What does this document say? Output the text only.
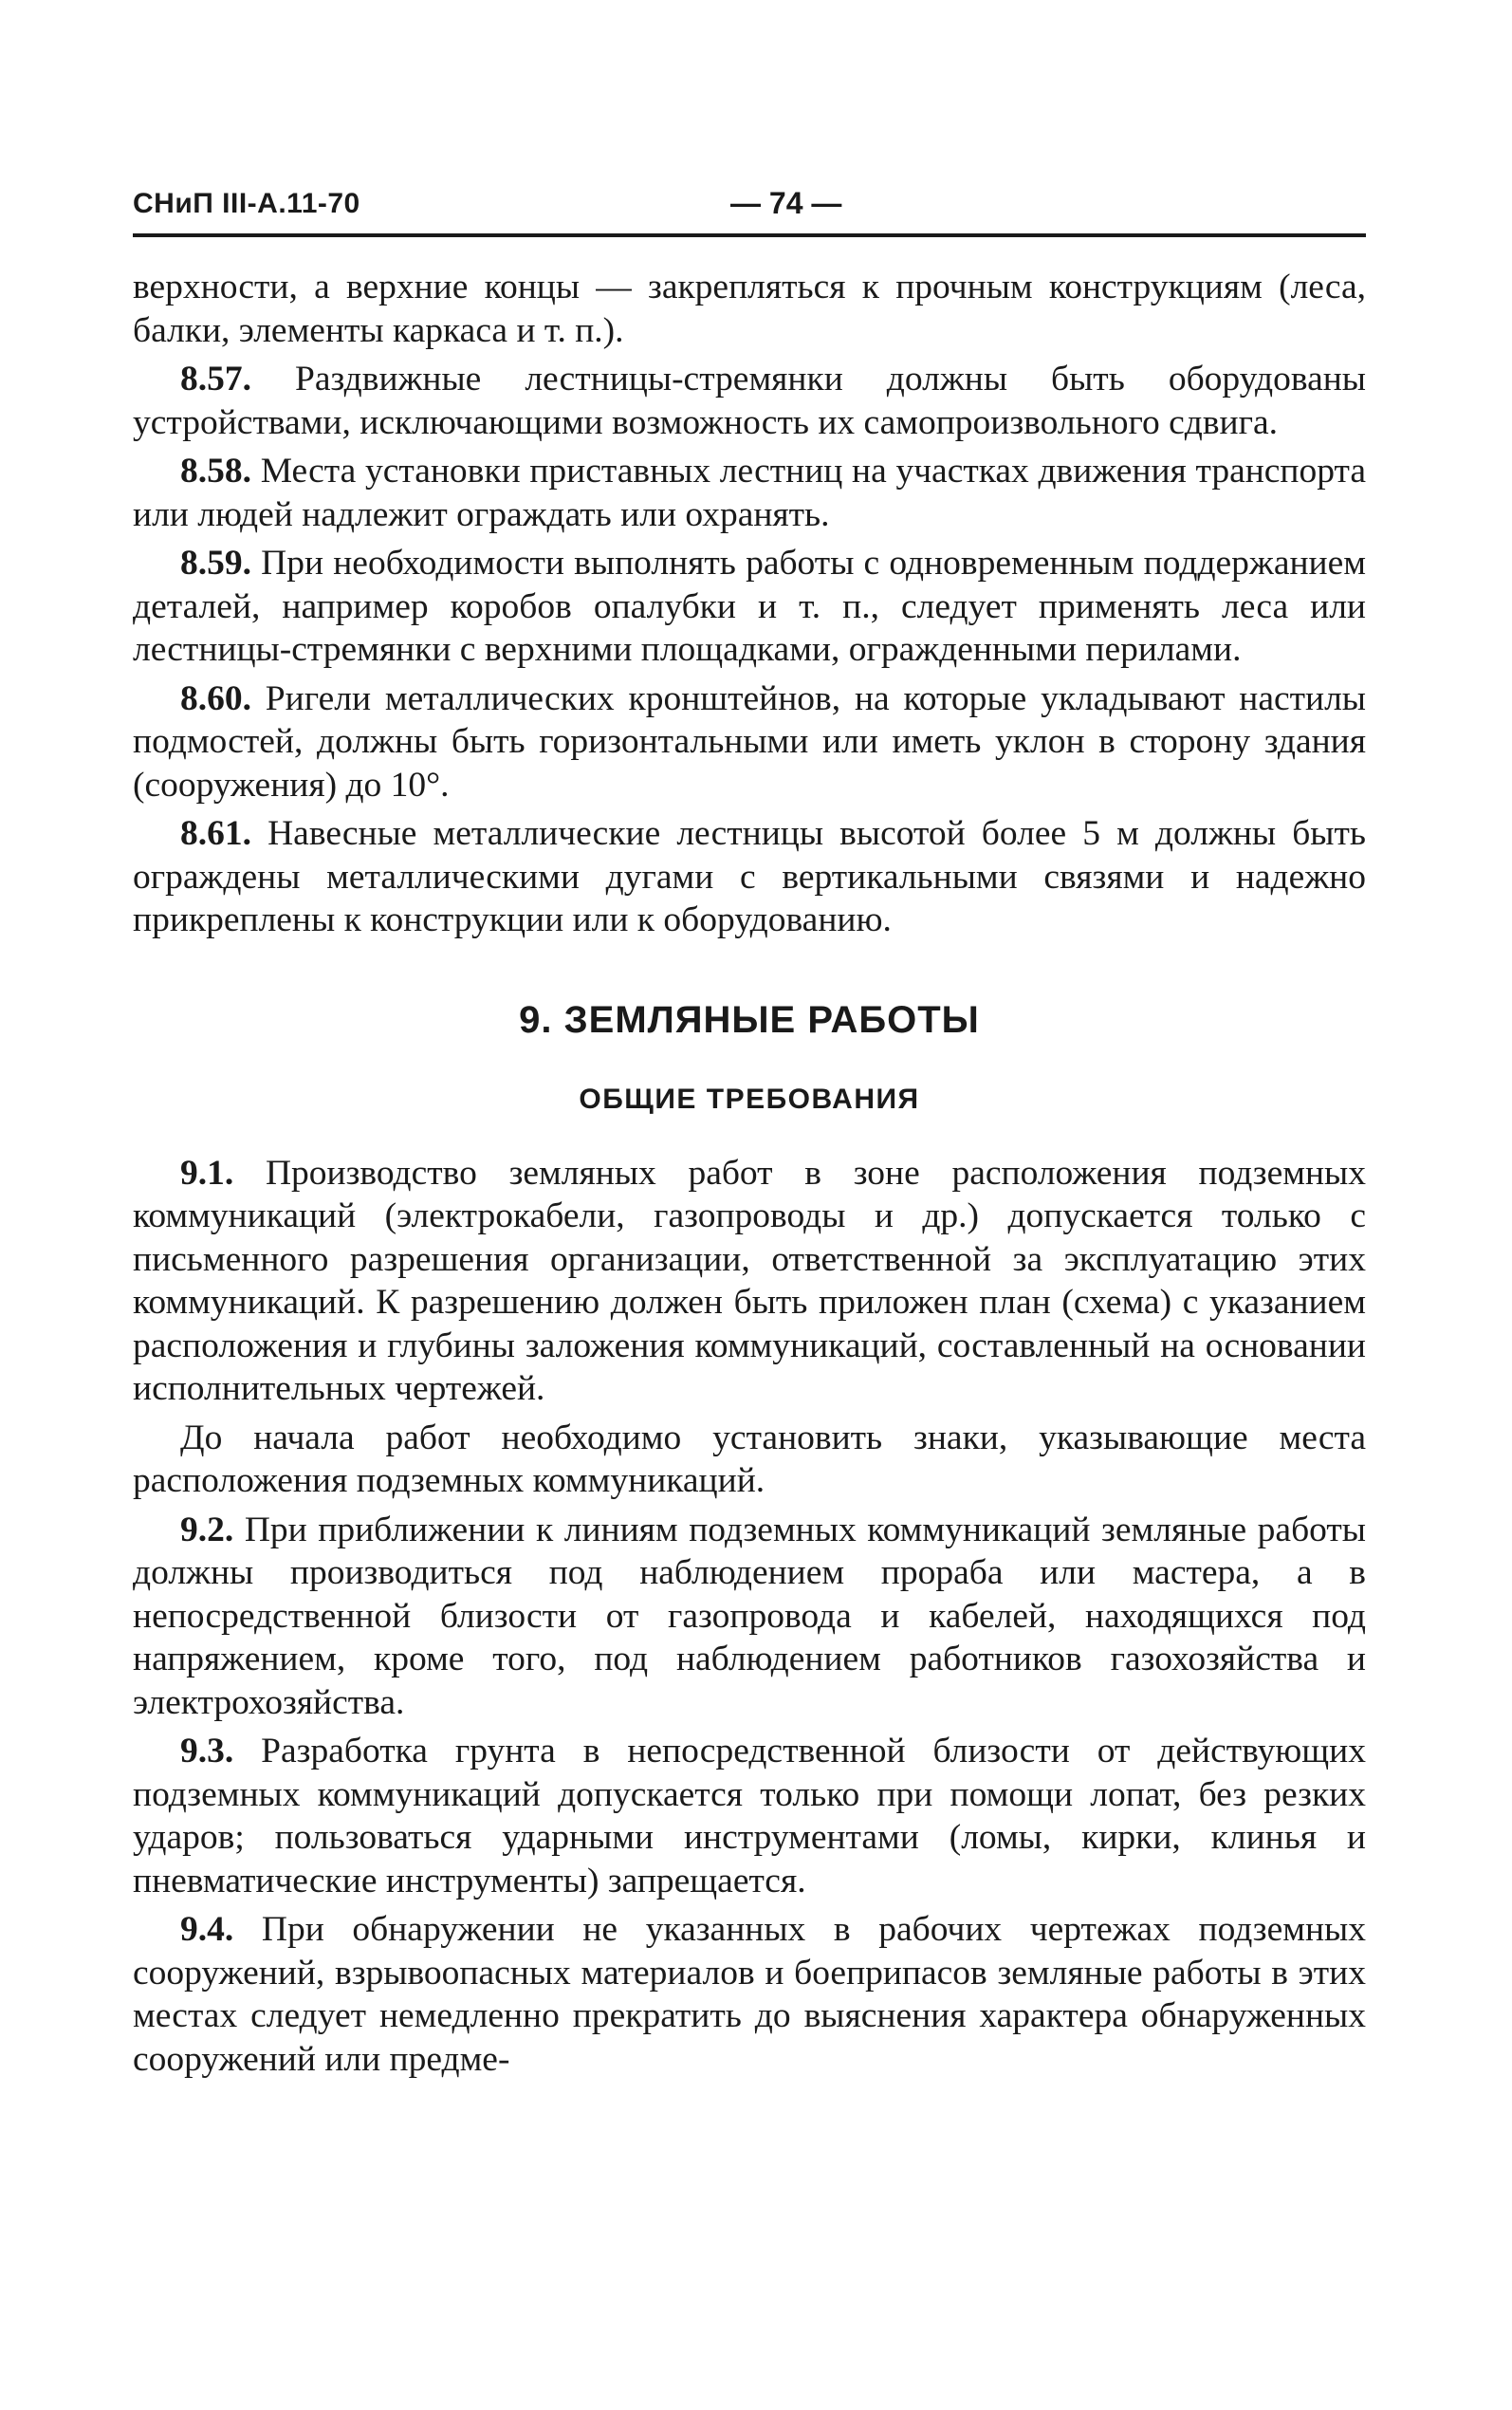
СНиП III-А.11-70	— 74 —

верхности, а верхние концы — закрепляться к прочным конструкциям (леса, балки, элементы каркаса и т. п.).

8.57. Раздвижные лестницы-стремянки должны быть оборудованы устройствами, исключающими возможность их самопроизвольного сдвига.

8.58. Места установки приставных лестниц на участках движения транспорта или людей надлежит ограждать или охранять.

8.59. При необходимости выполнять работы с одновременным поддержанием деталей, например коробов опалубки и т. п., следует применять леса или лестницы-стремянки с верхними площадками, огражденными перилами.

8.60. Ригели металлических кронштейнов, на которые укладывают настилы подмостей, должны быть горизонтальными или иметь уклон в сторону здания (сооружения) до 10°.

8.61. Навесные металлические лестницы высотой более 5 м должны быть ограждены металлическими дугами с вертикальными связями и надежно прикреплены к конструкции или к оборудованию.

9. ЗЕМЛЯНЫЕ РАБОТЫ
ОБЩИЕ ТРЕБОВАНИЯ

9.1. Производство земляных работ в зоне расположения подземных коммуникаций (электрокабели, газопроводы и др.) допускается только с письменного разрешения организации, ответственной за эксплуатацию этих коммуникаций. К разрешению должен быть приложен план (схема) с указанием расположения и глубины заложения коммуникаций, составленный на основании исполнительных чертежей.

До начала работ необходимо установить знаки, указывающие места расположения подземных коммуникаций.

9.2. При приближении к линиям подземных коммуникаций земляные работы должны производиться под наблюдением прораба или мастера, а в непосредственной близости от газопровода и кабелей, находящихся под напряжением, кроме того, под наблюдением работников газохозяйства и электрохозяйства.

9.3. Разработка грунта в непосредственной близости от действующих подземных коммуникаций допускается только при помощи лопат, без резких ударов; пользоваться ударными инструментами (ломы, кирки, клинья и пневматические инструменты) запрещается.

9.4. При обнаружении не указанных в рабочих чертежах подземных сооружений, взрывоопасных материалов и боеприпасов земляные работы в этих местах следует немедленно прекратить до выяснения характера обнаруженных сооружений или предме-
